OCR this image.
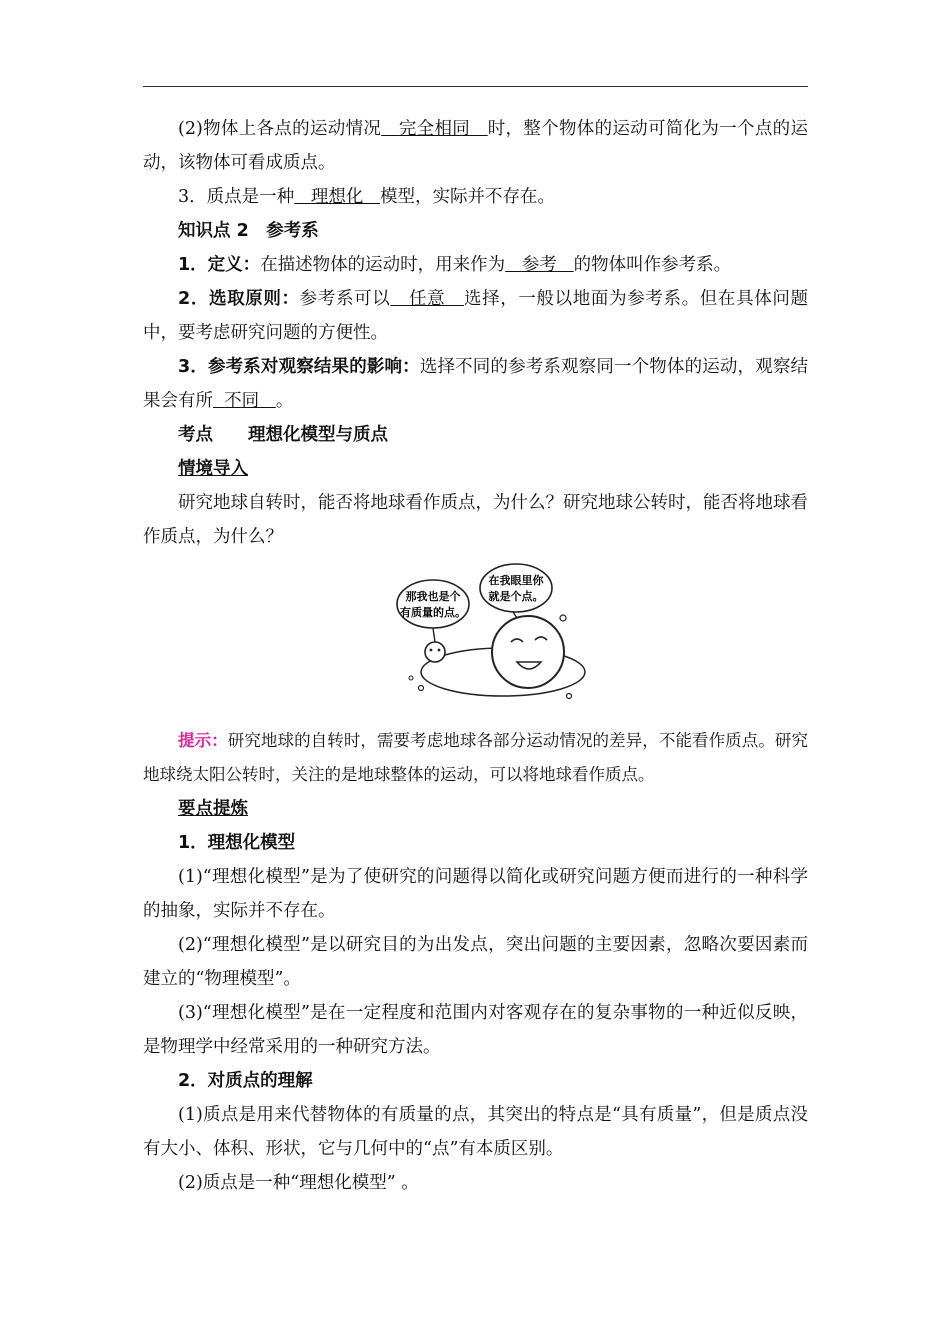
(2)物体上各点的运动情况 完全相同 时，整个物体的运动可简化为一个点的运动，该物体可看成质点。

3．质点是一种 理想化 模型，实际并不存在。

知识点 2　参考系

1．定义：在描述物体的运动时，用来作为 参考 的物体叫作参考系。

2．选取原则：参考系可以 任意 选择，一般以地面为参考系。但在具体问题中，要考虑研究问题的方便性。

3．参考系对观察结果的影响：选择不同的参考系观察同一个物体的运动，观察结果会有所 不同 。

考点　　理想化模型与质点

情境导入

研究地球自转时，能否将地球看作质点，为什么？研究地球公转时，能否将地球看作质点，为什么？

那我也是个
有质量的点。
在我眼里你
就是个点。

提示：研究地球的自转时，需要考虑地球各部分运动情况的差异，不能看作质点。研究地球绕太阳公转时，关注的是地球整体的运动，可以将地球看作质点。

要点提炼

1．理想化模型

(1)“理想化模型”是为了使研究的问题得以简化或研究问题方便而进行的一种科学的抽象，实际并不存在。

(2)“理想化模型”是以研究目的为出发点，突出问题的主要因素，忽略次要因素而建立的“物理模型”。

(3)“理想化模型”是在一定程度和范围内对客观存在的复杂事物的一种近似反映，是物理学中经常采用的一种研究方法。

2．对质点的理解

(1)质点是用来代替物体的有质量的点，其突出的特点是“具有质量”，但是质点没有大小、体积、形状，它与几何中的“点”有本质区别。

(2)质点是一种“理想化模型” 。
